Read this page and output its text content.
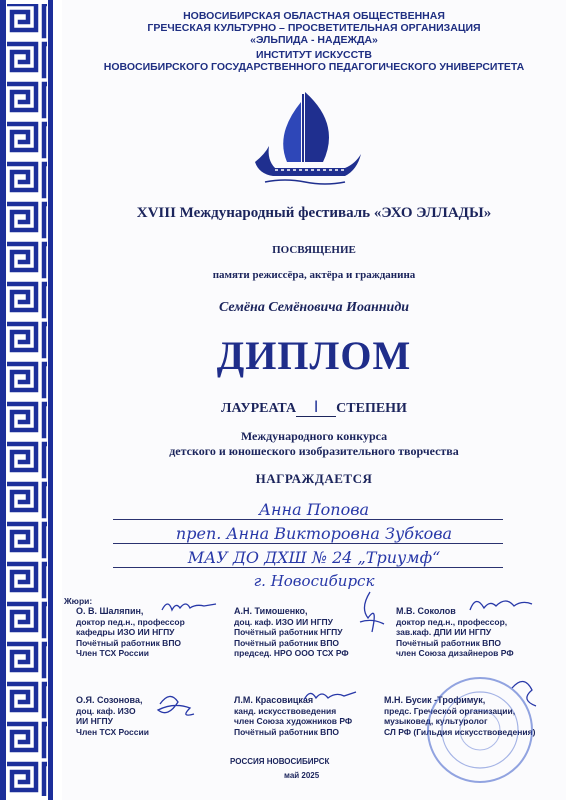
НОВОСИБИРСКАЯ ОБЛАСТНАЯ ОБЩЕСТВЕННАЯ
ГРЕЧЕСКАЯ КУЛЬТУРНО – ПРОСВЕТИТЕЛЬНАЯ ОРГАНИЗАЦИЯ
«ЭЛЬПИДА - НАДЕЖДА»
ИНСТИТУТ ИСКУССТВ
НОВОСИБИРСКОГО ГОСУДАРСТВЕННОГО ПЕДАГОГИЧЕСКОГО УНИВЕРСИТЕТА
XVIII Международный фестиваль «ЭХО ЭЛЛАДЫ»
ПОСВЯЩЕНИЕ
памяти режиссёра, актёра и гражданина
Семёна Семёновича Иоанниди
ДИПЛОМ
ЛАУРЕАТА I СТЕПЕНИ
Международного конкурса
детского и юношеского изобразительного творчества
НАГРАЖДАЕТСЯ
Анна Попова
преп. Анна Викторовна Зубкова
МАУ ДО ДХШ № 24 „Триумф“
г. Новосибирск
Жюри:
О. В. Шаляпин,
доктор пед.н., профессор
кафедры ИЗО ИИ НГПУ
Почётный работник ВПО
Член ТСХ России
А.Н. Тимошенко,
доц. каф. ИЗО ИИ НГПУ
Почётный работник НГПУ
Почётный работник ВПО
председ. НРО ООО ТСХ РФ
М.В. Соколов
доктор пед.н., профессор,
зав.каф. ДПИ ИИ НГПУ
Почётный работник ВПО
член Союза дизайнеров РФ
О.Я. Созонова,
доц. каф. ИЗО
ИИ НГПУ
Член ТСХ России
Л.М. Красовицкая
канд. искусствоведения
член Союза художников РФ
Почётный работник ВПО
М.Н. Бусик -Трофимук,
предс. Греческой организации,
музыковед, культуролог
СЛ РФ (Гильдия искусствоведения)
РОССИЯ НОВОСИБИРСК
май 2025
